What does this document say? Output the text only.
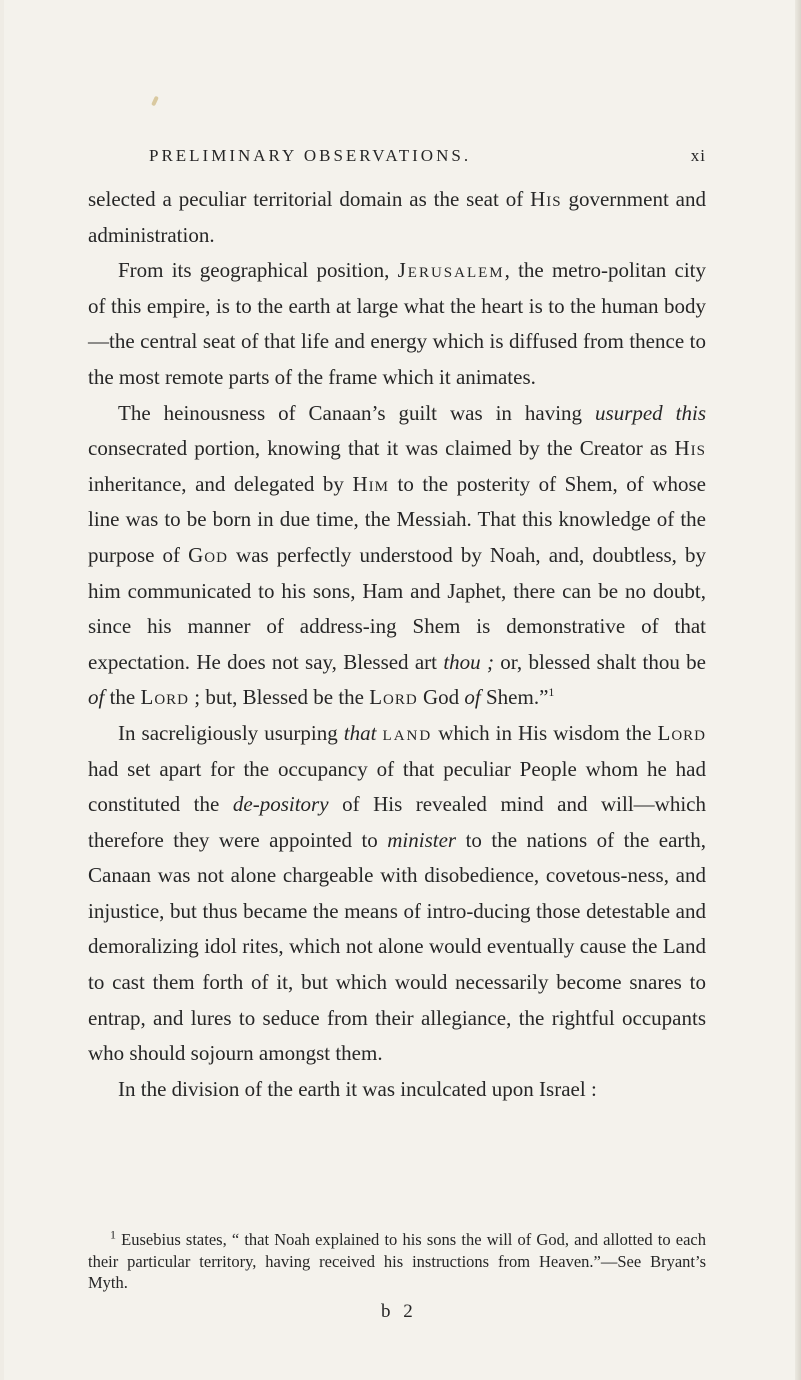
PRELIMINARY OBSERVATIONS.	xi

selected a peculiar territorial domain as the seat of His government and administration.

From its geographical position, Jerusalem, the metro-politan city of this empire, is to the earth at large what the heart is to the human body—the central seat of that life and energy which is diffused from thence to the most remote parts of the frame which it animates.

The heinousness of Canaan’s guilt was in having usurped this consecrated portion, knowing that it was claimed by the Creator as His inheritance, and delegated by Him to the posterity of Shem, of whose line was to be born in due time, the Messiah. That this knowledge of the purpose of God was perfectly understood by Noah, and, doubtless, by him communicated to his sons, Ham and Japhet, there can be no doubt, since his manner of address-ing Shem is demonstrative of that expectation. He does not say, Blessed art thou ; or, blessed shalt thou be of the Lord ; but, Blessed be the Lord God of Shem.”$^1$

In sacreligiously usurping that land which in His wisdom the Lord had set apart for the occupancy of that peculiar People whom he had constituted the de-pository of His revealed mind and will—which therefore they were appointed to minister to the nations of the earth, Canaan was not alone chargeable with disobedience, covetous-ness, and injustice, but thus became the means of intro-ducing those detestable and demoralizing idol rites, which not alone would eventually cause the Land to cast them forth of it, but which would necessarily become snares to entrap, and lures to seduce from their allegiance, the rightful occupants who should sojourn amongst them.

In the division of the earth it was inculcated upon Israel :

$^1$ Eusebius states, “ that Noah explained to his sons the will of God, and allotted to each their particular territory, having received his instructions from Heaven.”—See Bryant’s Myth.

b 2
